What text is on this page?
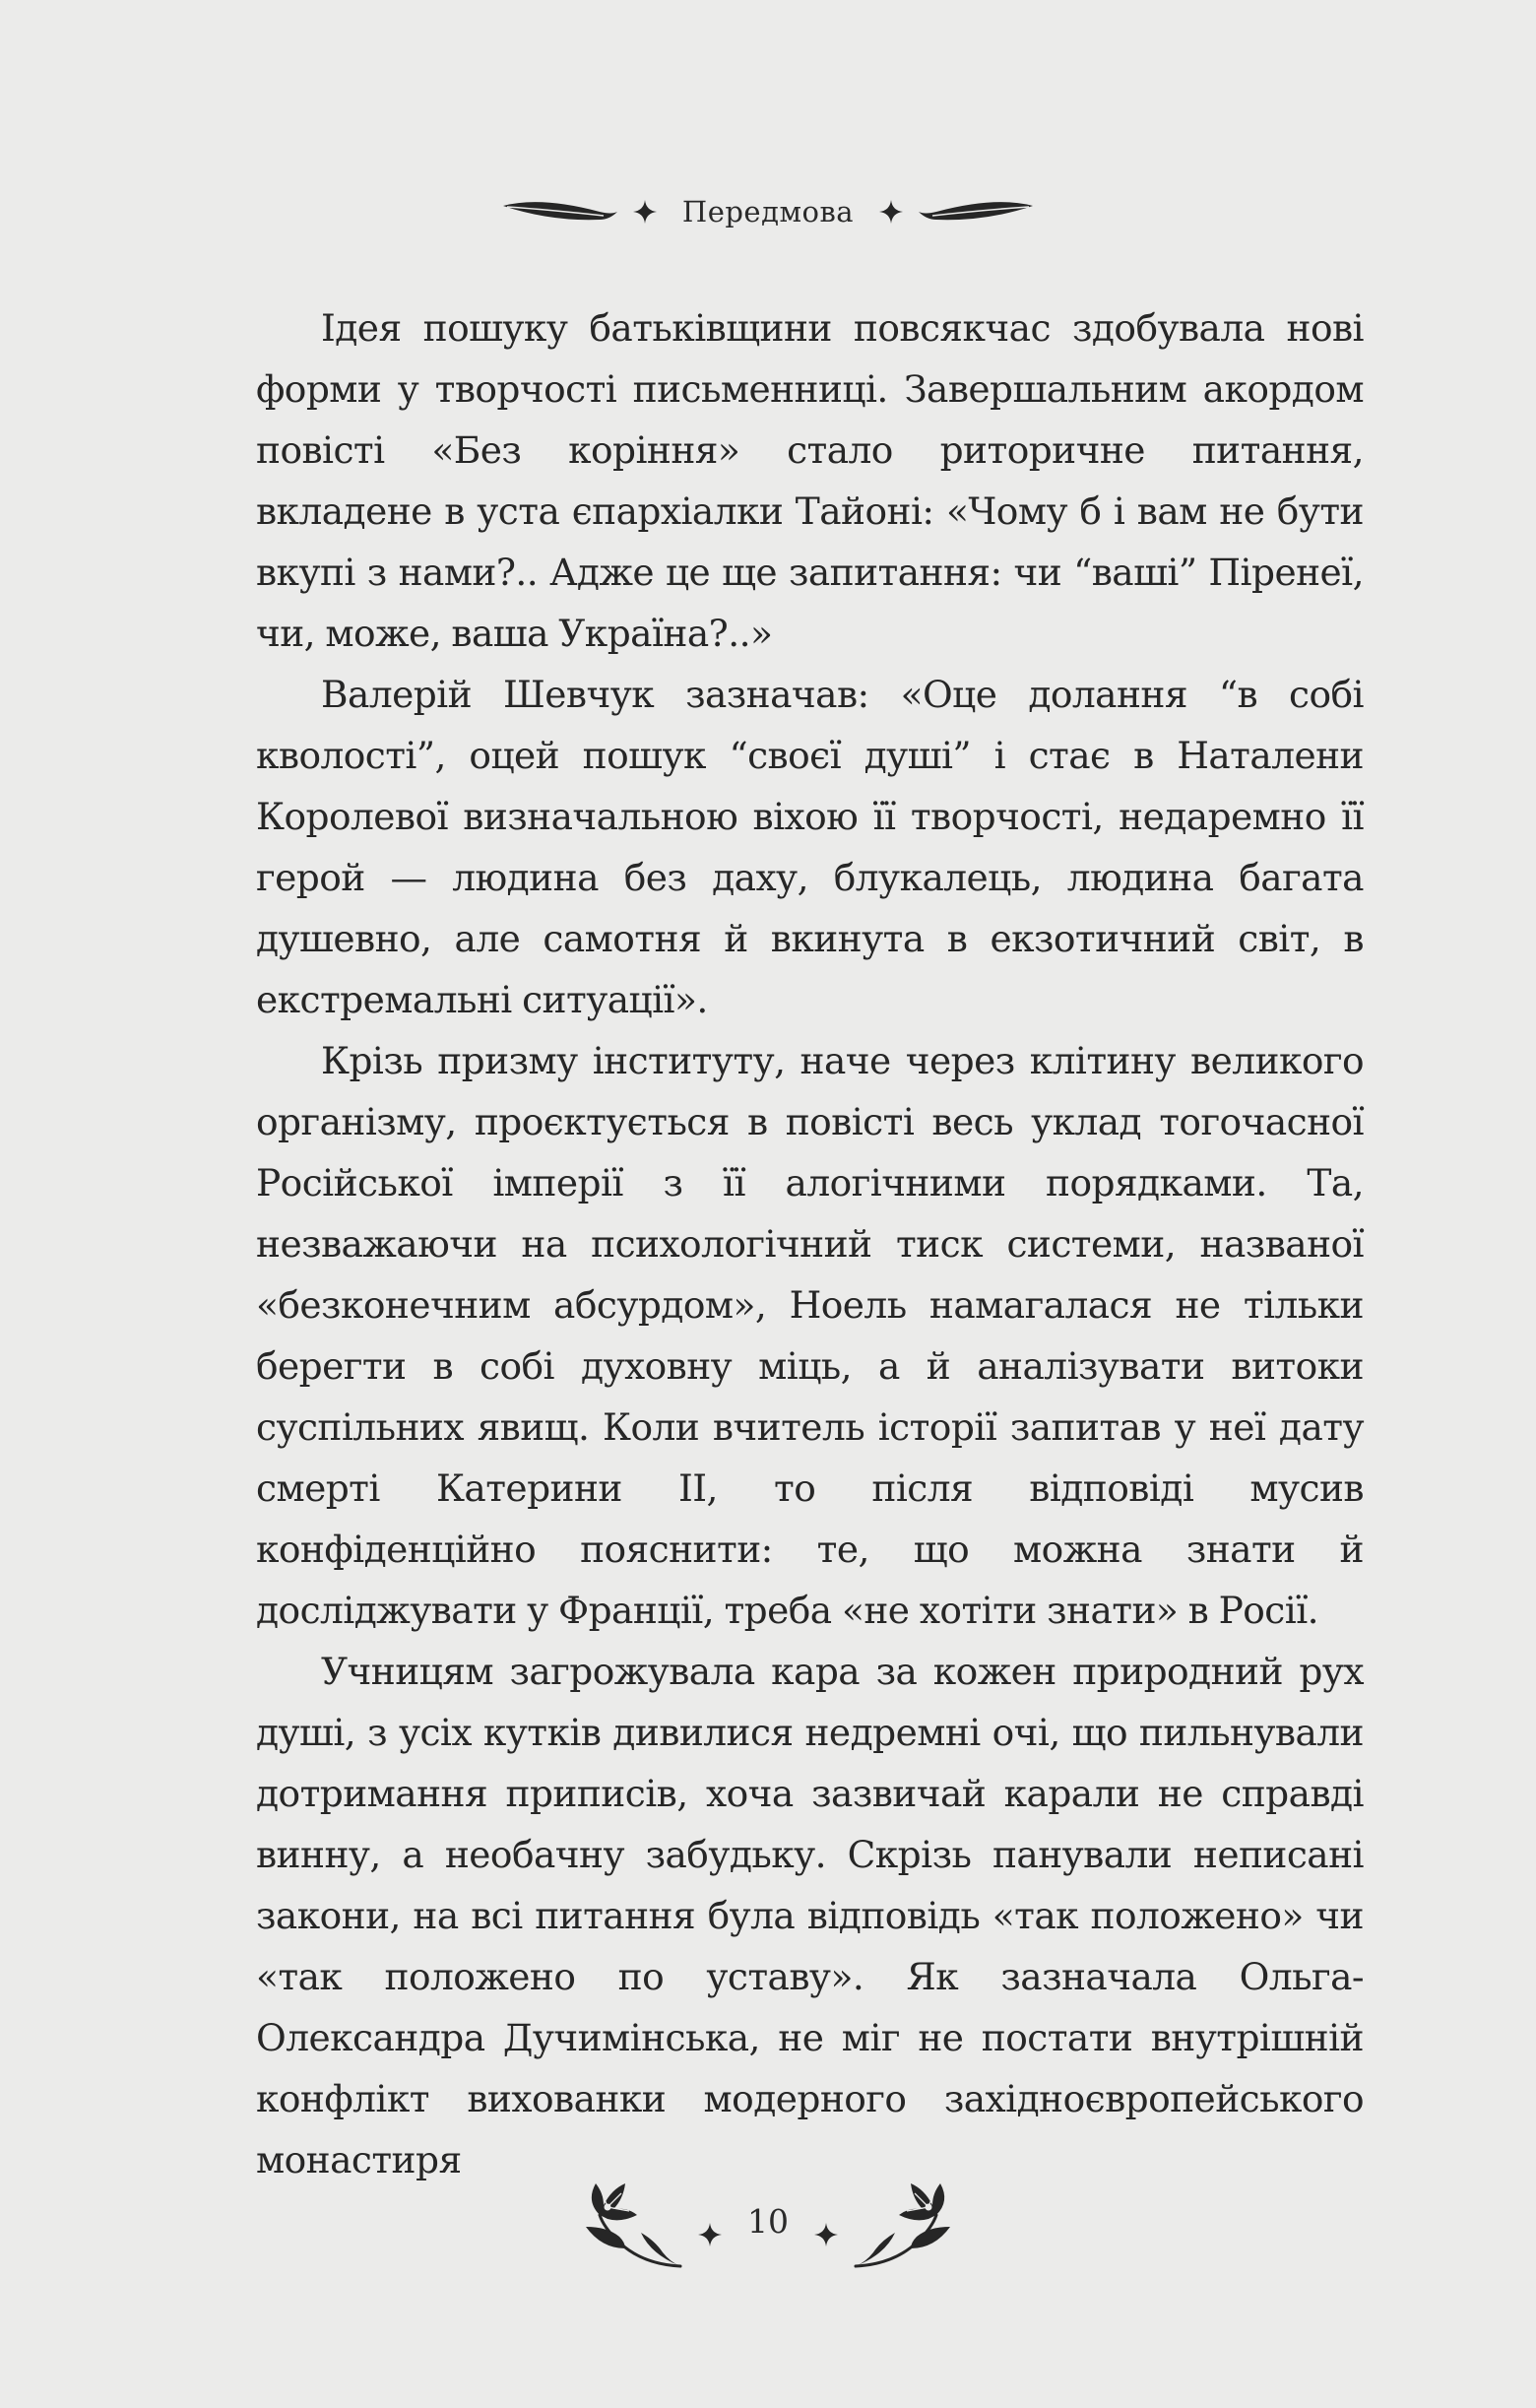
Передмова

Ідея пошуку батьківщини повсякчас здобувала нові форми у творчості письменниці. Завершальним акордом повісті «Без коріння» стало риторичне питання, вкладене в уста єпархіалки Тайоні: «Чому б і вам не бути вкупі з нами?.. Адже це ще запитання: чи “ваші” Піренеї, чи, може, ваша Україна?..»

Валерій Шевчук зазначав: «Оце долання “в собі кволості”, оцей пошук “своєї душі” і стає в Наталени Королевої визначальною віхою її творчості, недаремно її герой — людина без даху, блукалець, людина багата душевно, але самотня й вкинута в екзотичний світ, в екстремальні ситуації».

Крізь призму інституту, наче через клітину великого організму, проєктується в повісті весь уклад тогочасної Російської імперії з її алогічними порядками. Та, незважаючи на психологічний тиск системи, названої «безконечним абсурдом», Ноель намагалася не тільки берегти в собі духовну міць, а й аналізувати витоки суспільних явищ. Коли вчитель історії запитав у неї дату смерті Катерини ІІ, то після відповіді мусив конфіденційно пояснити: те, що можна знати й досліджувати у Франції, треба «не хотіти знати» в Росії.

Учницям загрожувала кара за кожен природний рух душі, з усіх кутків дивилися недремні очі, що пильнували дотримання приписів, хоча зазвичай карали не справді винну, а необачну забудьку. Скрізь панували неписані закони, на всі питання була відповідь «так положено» чи «так положено по уставу». Як зазначала Ольга-Олександра Дучимінська, не міг не постати внутрішній конфлікт вихованки модерного західноєвропейського монастиря

10
